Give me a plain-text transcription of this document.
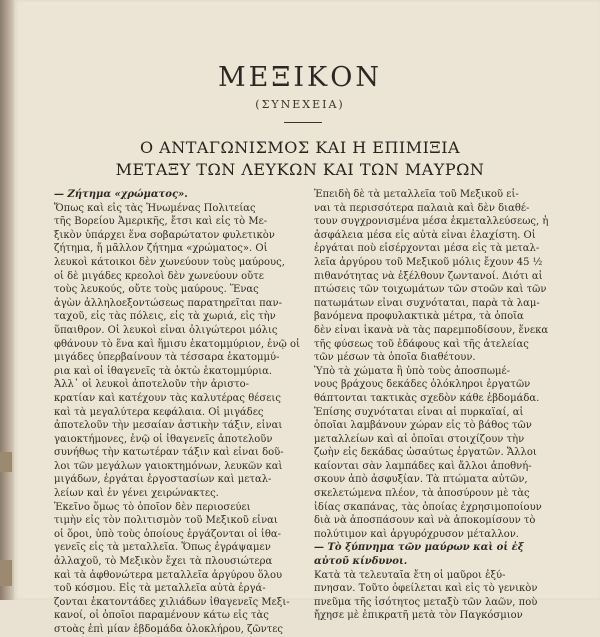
ΜΕΞΙΚΟΝ
(ΣΥΝΕΧΕΙΑ)
Ο ΑΝΤΑΓΩΝΙΣΜΟΣ ΚΑΙ Η ΕΠΙΜΙΞΙΑ
ΜΕΤΑΞΥ ΤΩΝ ΛΕΥΚΩΝ ΚΑΙ ΤΩΝ ΜΑΥΡΩΝ

— Ζήτημα «χρώματος».

Ὅπως καὶ εἰς τὰς Ἡνωμένας Πολιτείας

τῆς Βορείου Ἀμερικῆς, ἔτσι καὶ εἰς τὸ Με-

ξικὸν ὑπάρχει ἕνα σοβαρώτατον φυλετικὸν

ζήτημα, ἤ μᾶλλον ζήτημα «χρώματος». Οἱ

λευκοὶ κάτοικοι δὲν χωνεύουν τοὺς μαύρους,

οἱ δὲ μιγάδες κρεολοὶ δὲν χωνεύουν οὔτε

τοὺς λευκούς, οὔτε τοὺς μαύρους. Ἕνας

ἀγὼν ἀλληλοεξοντώσεως παρατηρεῖται παν-

ταχοῦ, εἰς τὰς πόλεις, εἰς τὰ χωριά, εἰς τὴν

ὕπαιθρον. Οἱ λευκοὶ εἶναι ὀλιγώτεροι μόλις

φθάνουν τὸ ἕνα καὶ ἥμισυ ἑκατομμύριον, ἐνῷ οἱ

μιγάδες ὑπερβαίνουν τὰ τέσσαρα ἑκατομμύ-

ρια καὶ οἱ ἰθαγενεῖς τὰ ὀκτὼ ἑκατομμύρια.

Ἀλλ᾽ οἱ λευκοὶ ἀποτελοῦν τὴν ἀριστο-

κρατίαν καὶ κατέχουν τὰς καλυτέρας θέσεις

καὶ τὰ μεγαλύτερα κεφάλαια. Οἱ μιγάδες

ἀποτελοῦν τὴν μεσαίαν ἀστικὴν τάξιν, εἶναι

γαιοκτήμονες, ἐνῷ οἱ ἰθαγενεῖς ἀποτελοῦν

συνήθως τὴν κατωτέραν τάξιν καὶ εἶναι δοῦ-

λοι τῶν μεγάλων γαιοκτημόνων, λευκῶν καὶ

μιγάδων, ἐργάται ἐργοστασίων καὶ μεταλ-

λείων καὶ ἐν γένει χειρώνακτες.

Ἐκεῖνο ὅμως τὸ ὁποῖον δὲν περιοσεύει

τιμὴν εἰς τὸν πολιτισμὸν τοῦ Μεξικοῦ εἶναι

οἱ ὅροι, ὑπὸ τοὺς ὁποίους ἐργάζονται οἱ ἰθα-

γενεῖς εἰς τὰ μεταλλεῖα. Ὅπως ἐγράψαμεν

ἀλλαχοῦ, τὸ Μεξικὸν ἔχει τὰ πλουσιώτερα

καὶ τὰ ἀφθονώτερα μεταλλεῖα ἀργύρου ὅλου

τοῦ κόσμου. Εἰς τὰ μεταλλεῖα αὐτὰ ἐργά-

ζονται ἑκατοντάδες χιλιάδων ἰθαγενεῖς Μεξι-

κανοί, οἱ ὁποῖοι παραμένουν κάτω εἰς τὰς

στοὰς ἐπὶ μίαν ἑβδομάδα ὁλοκλήρου, ζῶντες

Ἐπειδὴ δὲ τὰ μεταλλεῖα τοῦ Μεξικοῦ εἶ-

ναι τὰ περισσότερα παλαιὰ καὶ δὲν διαθέ-

τουν συγχρονισμένα μέσα ἐκμεταλλεύσεως, ἡ

ἀσφάλεια μέσα εἰς αὐτὰ εἶναι ἐλαχίστη. Οἱ

ἐργάται ποὺ εἰσέρχονται μέσα εἰς τὰ μεταλ-

λεῖα ἀργύρου τοῦ Μεξικοῦ μόλις ἔχουν 45 ½

πιθανότητας νὰ ἐξέλθουν ζωντανοί. Διότι αἱ

πτώσεις τῶν τοιχωμάτων τῶν στοῶν καὶ τῶν

πατωμάτων εἶναι συχνόταται, παρὰ τὰ λαμ-

βανόμενα προφυλακτικὰ μέτρα, τὰ ὁποῖα

δὲν εἶναι ἱκανὰ νὰ τὰς παρεμποδίσουν, ἕνεκα

τῆς φύσεως τοῦ ἐδάφους καὶ τῆς ἀτελείας

τῶν μέσων τὰ ὁποῖα διαθέτουν.

Ὑπὸ τὰ χώματα ἢ ὑπὸ τοὺς ἀποσπωμέ-

νους βράχους δεκάδες ὁλόκληροι ἐργατῶν

θάπτονται τακτικὰς σχεδὸν κάθε ἑβδομάδα.

Ἐπίσης συχνόταται εἶναι αἱ πυρκαϊαί, αἱ

ὁποῖαι λαμβάνουν χώραν εἰς τὸ βάθος τῶν

μεταλλείων καὶ αἱ ὁποῖαι στοιχίζουν τὴν

ζωὴν εἰς δεκάδας ὡσαύτως ἐργατῶν. Ἄλλοι

καίονται σὰν λαμπάδες καὶ ἄλλοι ἀποθνή-

σκουν ἀπὸ ἀσφυξίαν. Τὰ πτώματα αὐτῶν,

σκελετώμενα πλέον, τὰ ἀποσύρουν μὲ τὰς

ἰδίας σκαπάνας, τὰς ὁποίας ἐχρησιμοποίουν

διὰ νὰ ἀποσπάσουν καὶ νὰ ἀποκομίσουν τὸ

πολύτιμον καὶ ἀργυρόχρυσον μέταλλον.

— Τὸ ξύπνημα τῶν μαύρων καὶ οἱ ἐξ

αὐτοῦ κίνδυνοι.

Κατὰ τὰ τελευταῖα ἔτη οἱ μαῦροι ἐξύ-

πνησαν. Τοῦτο ὀφείλεται καὶ εἰς τὸ γενικὸν

πνεῦμα τῆς ἰσότητος μεταξὺ τῶν λαῶν, ποὺ

ἤχησε μὲ ἐπικρατῆ μετὰ τὸν Παγκόσμιον
